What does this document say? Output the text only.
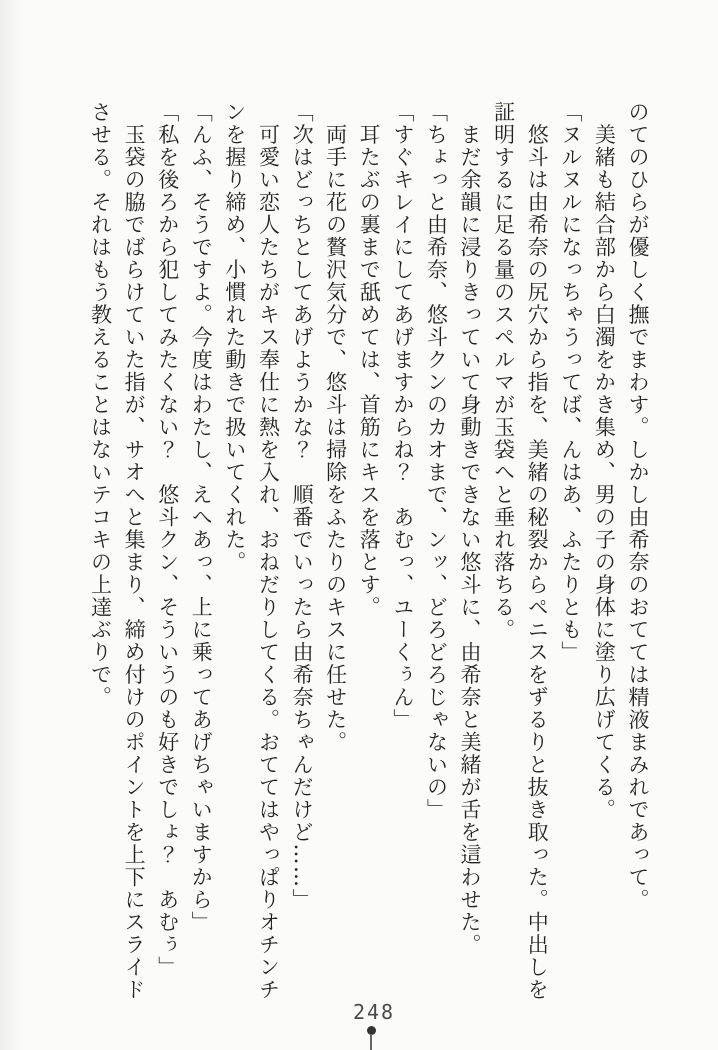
のてのひらが優しく撫でまわす。しかし由希奈のおてては精液まみれであって。

　美緒も結合部から白濁をかき集め、男の子の身体に塗り広げてくる。

「ヌルヌルになっちゃうってば、んはあ、ふたりとも」

　悠斗は由希奈の尻穴から指を、美緒の秘裂からペニスをずるりと抜き取った。中出しを

証明するに足る量のスペルマが玉袋へと垂れ落ちる。

　まだ余韻に浸りきっていて身動きできない悠斗に、由希奈と美緒が舌を這わせた。

「ちょっと由希奈、悠斗クンのカオまで、ンッ、どろどろじゃないの」

「すぐキレイにしてあげますからね？　あむっ、ユーくぅん」

　耳たぶの裏まで舐めては、首筋にキスを落とす。

　両手に花の贅沢気分で、悠斗は掃除をふたりのキスに任せた。

「次はどっちとしてあげようかな？　順番でいったら由希奈ちゃんだけど……」

　可愛い恋人たちがキス奉仕に熱を入れ、おねだりしてくる。おててはやっぱりオチンチ

ンを握り締め、小慣れた動きで扱いてくれた。

「んふ、そうですよ。今度はわたし、えへあっ、上に乗ってあげちゃいますから」

「私を後ろから犯してみたくない？　悠斗クン、そういうのも好きでしょ？　あむぅ」

　玉袋の脇でばらけていた指が、サオへと集まり、締め付けのポイントを上下にスライド

させる。それはもう教えることはないテコキの上達ぶりで。

248
